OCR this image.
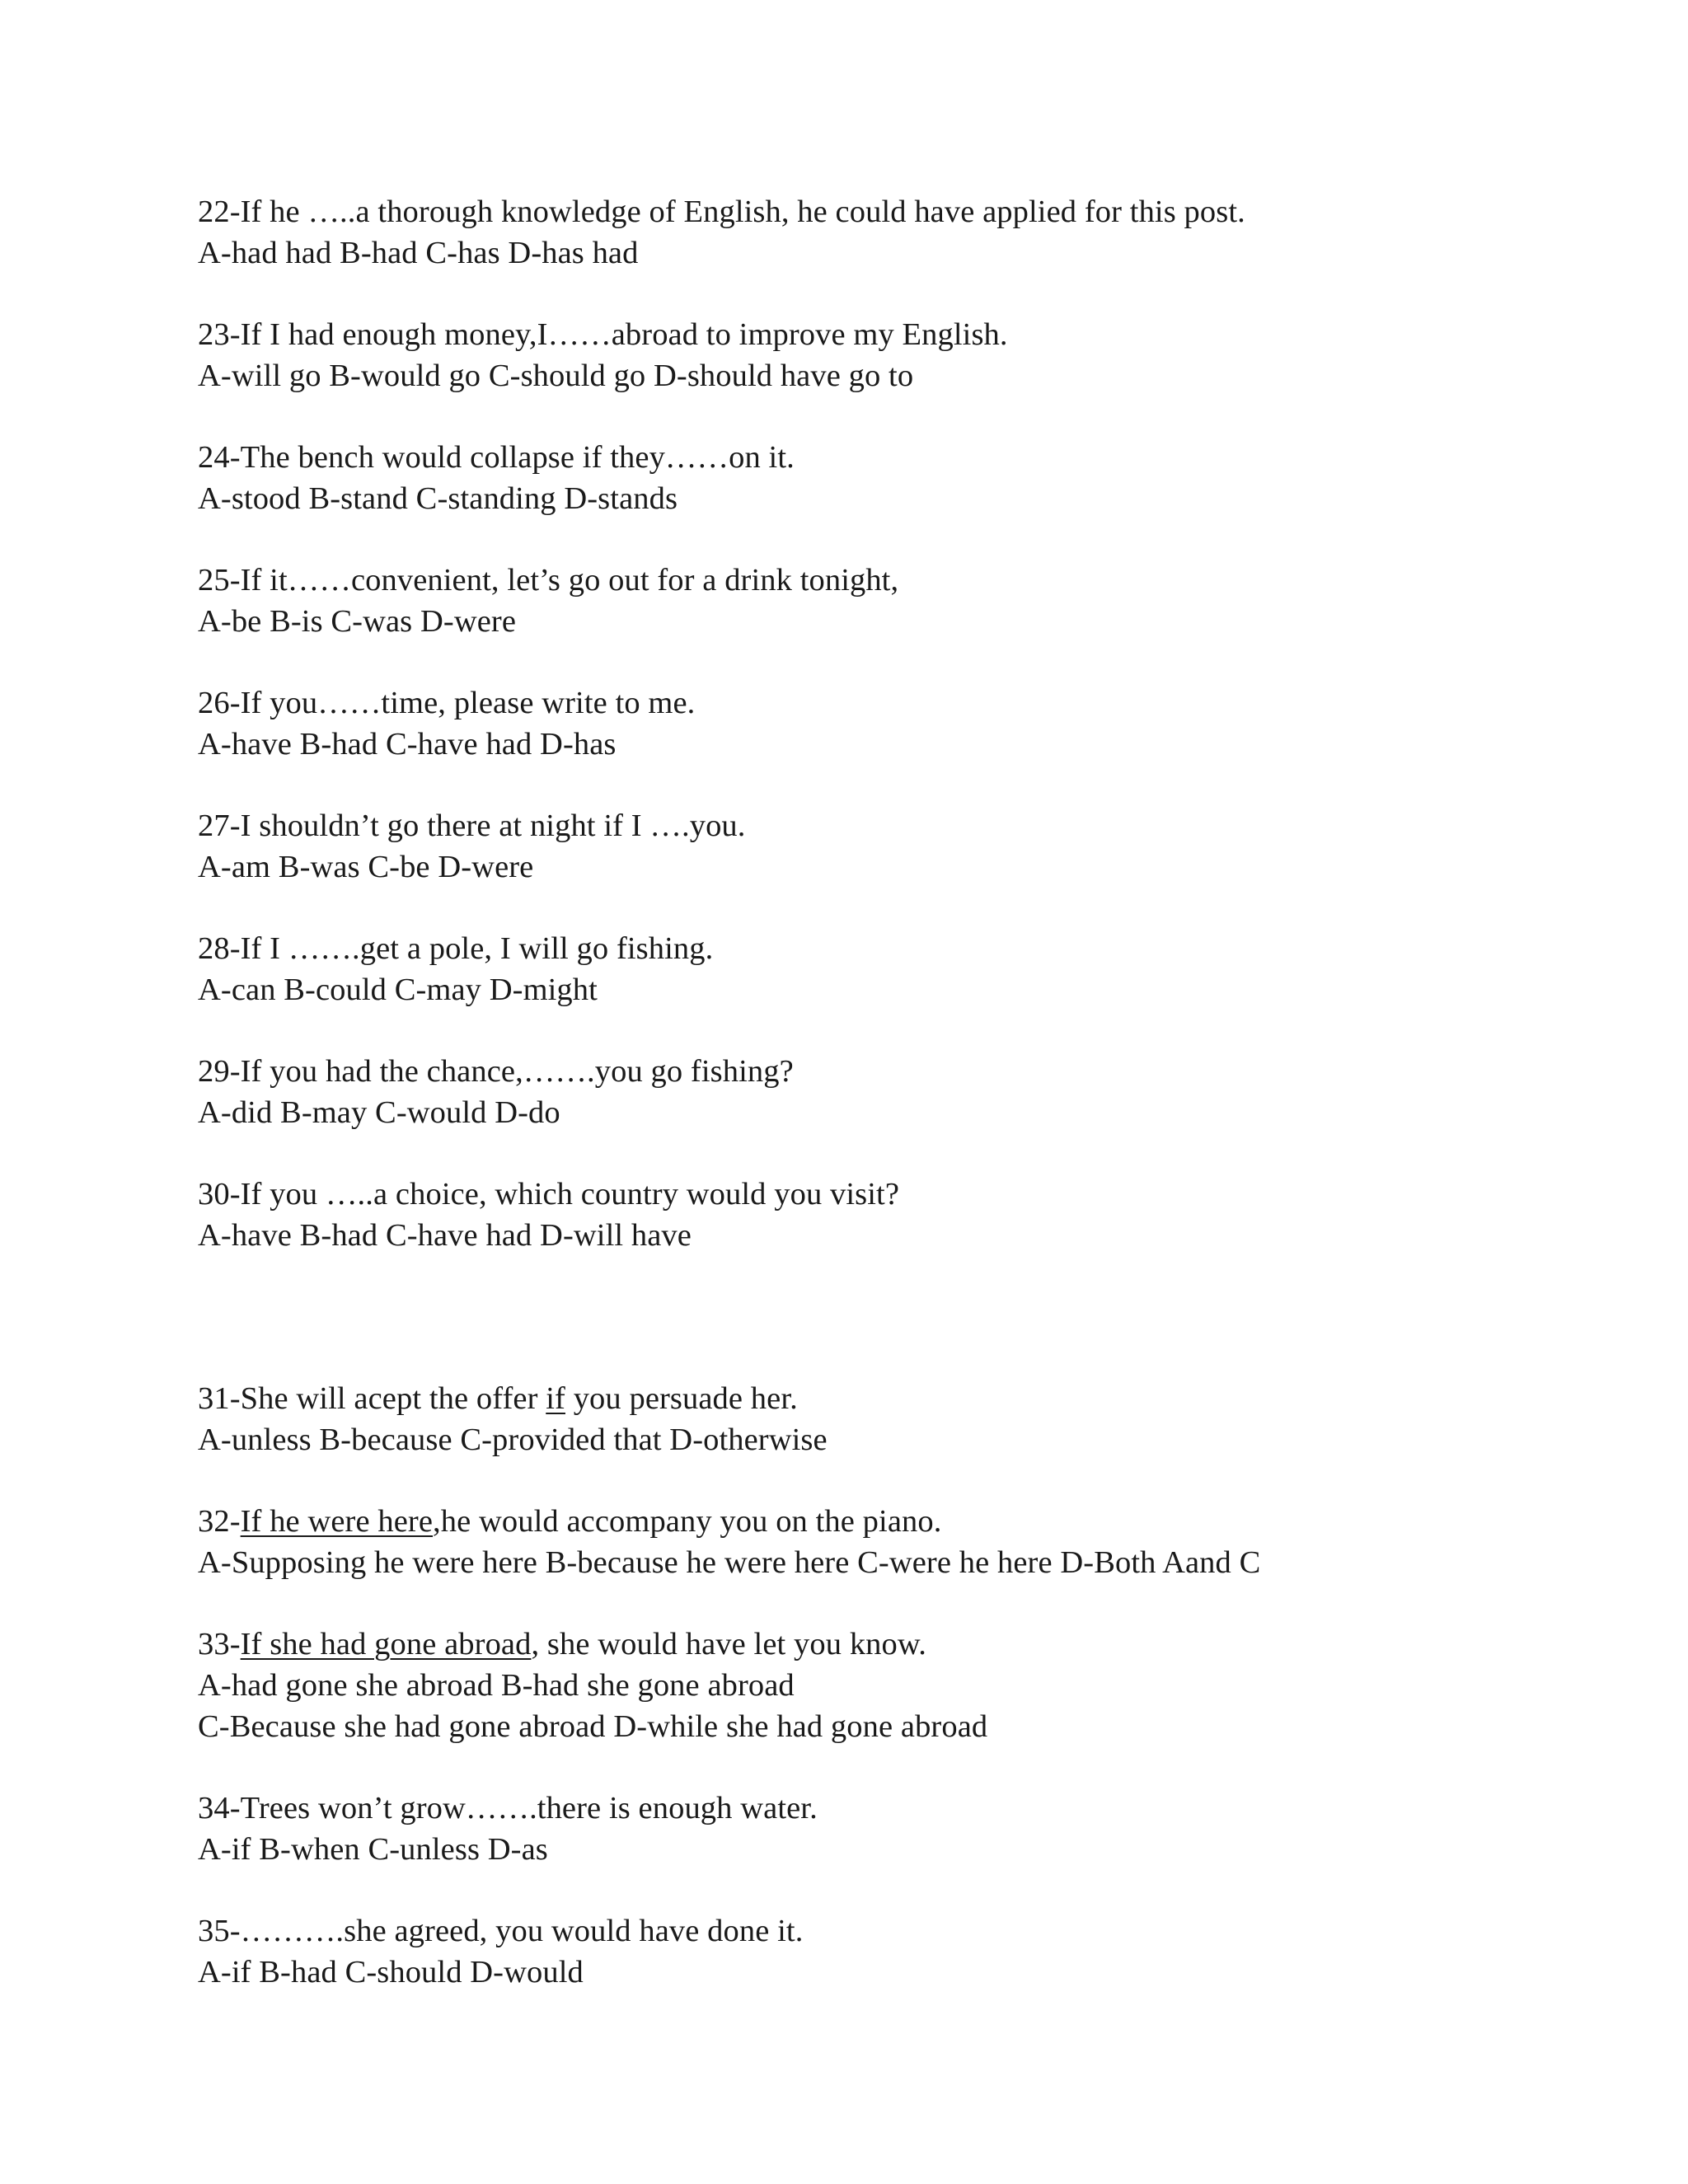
22-If he …..a thorough knowledge of English, he could have applied for this post.

A-had had B-had C-has D-has had

23-If I had enough money,I……abroad to improve my English.

A-will go B-would go C-should go D-should have go to

24-The bench would collapse if they……on it.

A-stood B-stand C-standing D-stands

25-If it……convenient, let’s go out for a drink tonight,

A-be B-is C-was D-were

26-If you……time, please write to me.

A-have B-had C-have had D-has

27-I shouldn’t go there at night if I ….you.

A-am B-was C-be D-were

28-If I …….get a pole, I will go fishing.

A-can B-could C-may D-might

29-If you had the chance,…….you go fishing?

A-did B-may C-would D-do

30-If you …..a choice, which country would you visit?

A-have B-had C-have had D-will have

31-She will acept the offer if you persuade her.

A-unless B-because C-provided that D-otherwise

32-If he were here,he would accompany you on the piano.

A-Supposing he were here B-because he were here C-were he here D-Both Aand C

33-If she had gone abroad, she would have let you know.

A-had gone she abroad B-had she gone abroad

C-Because she had gone abroad D-while she had gone abroad

34-Trees won’t grow…….there is enough water.

A-if B-when C-unless D-as

35-……….she agreed, you would have done it.

A-if B-had C-should D-would
